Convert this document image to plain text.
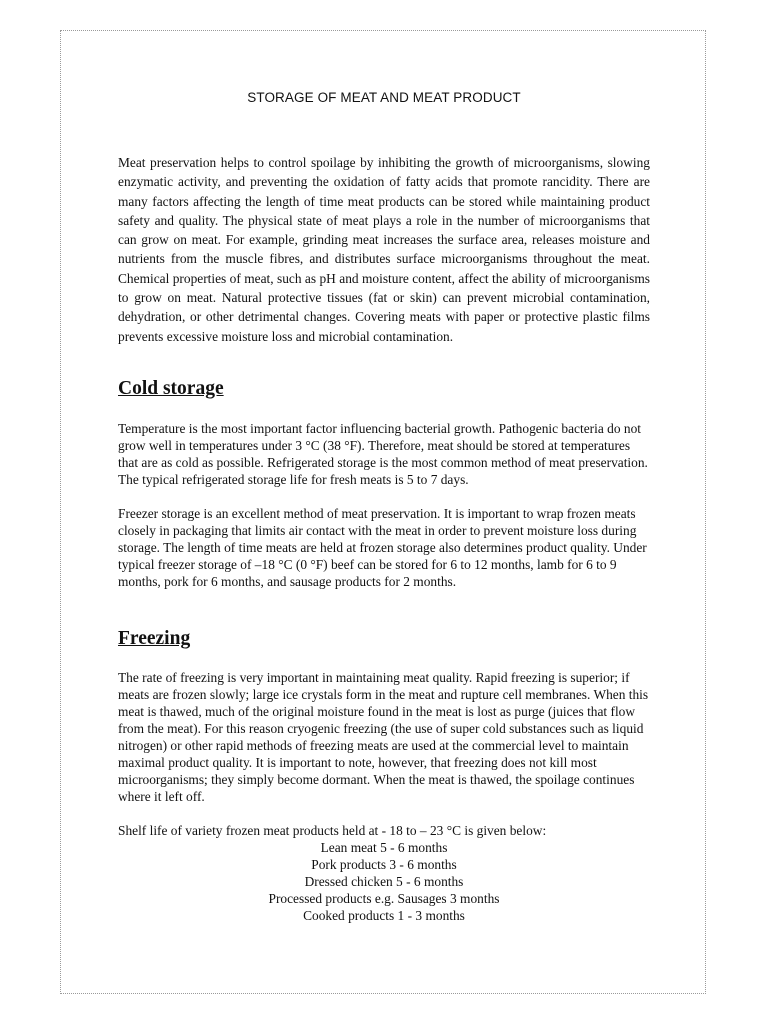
STORAGE OF MEAT AND MEAT PRODUCT

Meat preservation helps to control spoilage by inhibiting the growth of microorganisms, slowing enzymatic activity, and preventing the oxidation of fatty acids that promote rancidity. There are many factors affecting the length of time meat products can be stored while maintaining product safety and quality. The physical state of meat plays a role in the number of microorganisms that can grow on meat. For example, grinding meat increases the surface area, releases moisture and nutrients from the muscle fibres, and distributes surface microorganisms throughout the meat. Chemical properties of meat, such as pH and moisture content, affect the ability of microorganisms to grow on meat. Natural protective tissues (fat or skin) can prevent microbial contamination, dehydration, or other detrimental changes. Covering meats with paper or protective plastic films prevents excessive moisture loss and microbial contamination.

Cold storage

Temperature is the most important factor influencing bacterial growth. Pathogenic bacteria do not grow well in temperatures under 3 °C (38 °F). Therefore, meat should be stored at temperatures that are as cold as possible. Refrigerated storage is the most common method of meat preservation. The typical refrigerated storage life for fresh meats is 5 to 7 days.

Freezer storage is an excellent method of meat preservation. It is important to wrap frozen meats closely in packaging that limits air contact with the meat in order to prevent moisture loss during storage. The length of time meats are held at frozen storage also determines product quality. Under typical freezer storage of –18 °C (0 °F) beef can be stored for 6 to 12 months, lamb for 6 to 9 months, pork for 6 months, and sausage products for 2 months.

Freezing

The rate of freezing is very important in maintaining meat quality. Rapid freezing is superior; if meats are frozen slowly; large ice crystals form in the meat and rupture cell membranes. When this meat is thawed, much of the original moisture found in the meat is lost as purge (juices that flow from the meat). For this reason cryogenic freezing (the use of super cold substances such as liquid nitrogen) or other rapid methods of freezing meats are used at the commercial level to maintain maximal product quality. It is important to note, however, that freezing does not kill most microorganisms; they simply become dormant. When the meat is thawed, the spoilage continues where it left off.

Shelf life of variety frozen meat products held at - 18 to – 23 °C is given below:

Lean meat 5 - 6 months
Pork products 3 - 6 months
Dressed chicken 5 - 6 months
Processed products e.g. Sausages 3 months
Cooked products 1 - 3 months
